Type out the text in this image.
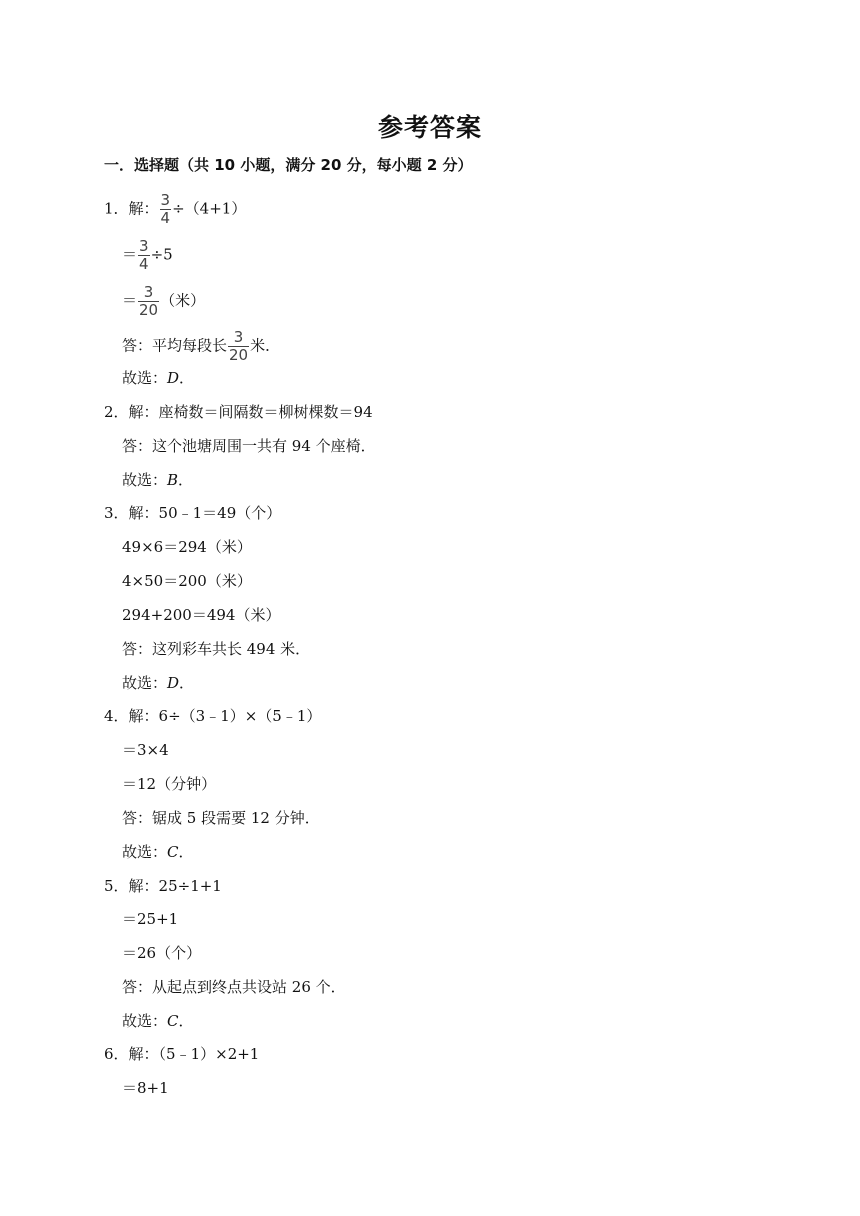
参考答案
一．选择题（共 10 小题，满分 20 分，每小题 2 分）
1．解： $\frac{3}{4} \div(4+1)$
＝ $\frac{3}{4} \div 5$
＝ $\frac{3}{20}$ （米）
答：平均每段长 $\frac{3}{20}$ 米．
故选：D．
2．解：座椅数＝间隔数＝柳树棵数＝94
答：这个池塘周围一共有 94 个座椅．
故选：B．
3．解：50﹣1＝49（个）
49×6＝294（米）
4×50＝200（米）
294+200＝494（米）
答：这列彩车共长 494 米．
故选：D．
4．解：6÷（3﹣1）×（5﹣1）
＝3×4
＝12（分钟）
答：锯成 5 段需要 12 分钟．
故选：C．
5．解：25÷1+1
＝25+1
＝26（个）
答：从起点到终点共设站 26 个．
故选：C．
6．解：（5﹣1）×2+1
＝8+1
